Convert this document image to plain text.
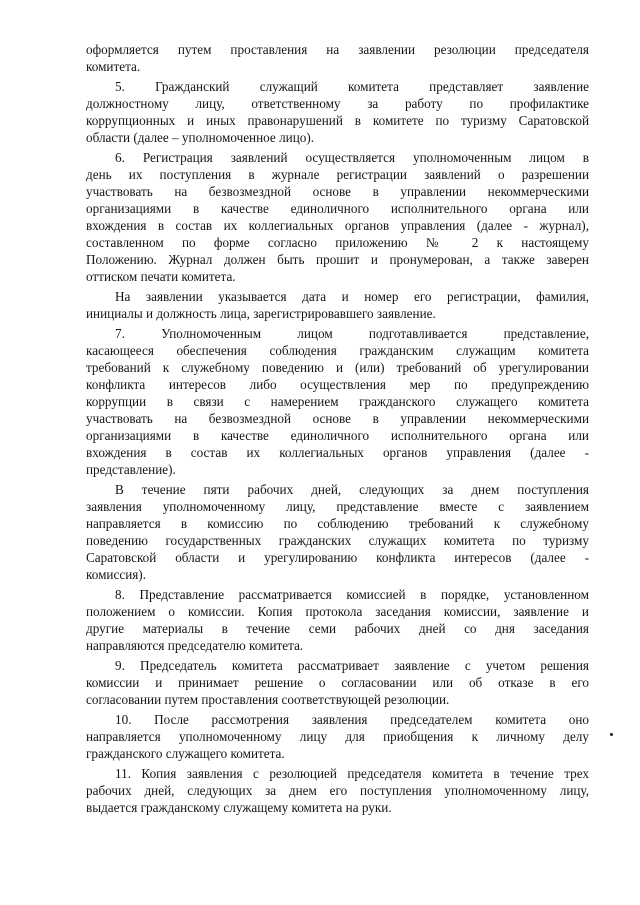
оформляется путем проставления на заявлении резолюции председателя
комитета.
5. Гражданский служащий комитета представляет заявление
должностному лицу, ответственному за работу по профилактике
коррупционных и иных правонарушений в комитете по туризму Саратовской
области (далее – уполномоченное лицо).
6. Регистрация заявлений осуществляется уполномоченным лицом в
день их поступления в журнале регистрации заявлений о разрешении
участвовать на безвозмездной основе в управлении некоммерческими
организациями в качестве единоличного исполнительного органа или
вхождения в состав их коллегиальных органов управления (далее - журнал),
составленном по форме согласно приложению № 2 к настоящему
Положению. Журнал должен быть прошит и пронумерован, а также заверен
оттиском печати комитета.
На заявлении указывается дата и номер его регистрации, фамилия,
инициалы и должность лица, зарегистрировавшего заявление.
7. Уполномоченным лицом подготавливается представление,
касающееся обеспечения соблюдения гражданским служащим комитета
требований к служебному поведению и (или) требований об урегулировании
конфликта интересов либо осуществления мер по предупреждению
коррупции в связи с намерением гражданского служащего комитета
участвовать на безвозмездной основе в управлении некоммерческими
организациями в качестве единоличного исполнительного органа или
вхождения в состав их коллегиальных органов управления (далее -
представление).
В течение пяти рабочих дней, следующих за днем поступления
заявления уполномоченному лицу, представление вместе с заявлением
направляется в комиссию по соблюдению требований к служебному
поведению государственных гражданских служащих комитета по туризму
Саратовской области и урегулированию конфликта интересов (далее -
комиссия).
8. Представление рассматривается комиссией в порядке, установленном
положением о комиссии. Копия протокола заседания комиссии, заявление и
другие материалы в течение семи рабочих дней со дня заседания
направляются председателю комитета.
9. Председатель комитета рассматривает заявление с учетом решения
комиссии и принимает решение о согласовании или об отказе в его
согласовании путем проставления соответствующей резолюции.
10. После рассмотрения заявления председателем комитета оно
направляется уполномоченному лицу для приобщения к личному делу
гражданского служащего комитета.
11. Копия заявления с резолюцией председателя комитета в течение трех
рабочих дней, следующих за днем его поступления уполномоченному лицу,
выдается гражданскому служащему комитета на руки.
